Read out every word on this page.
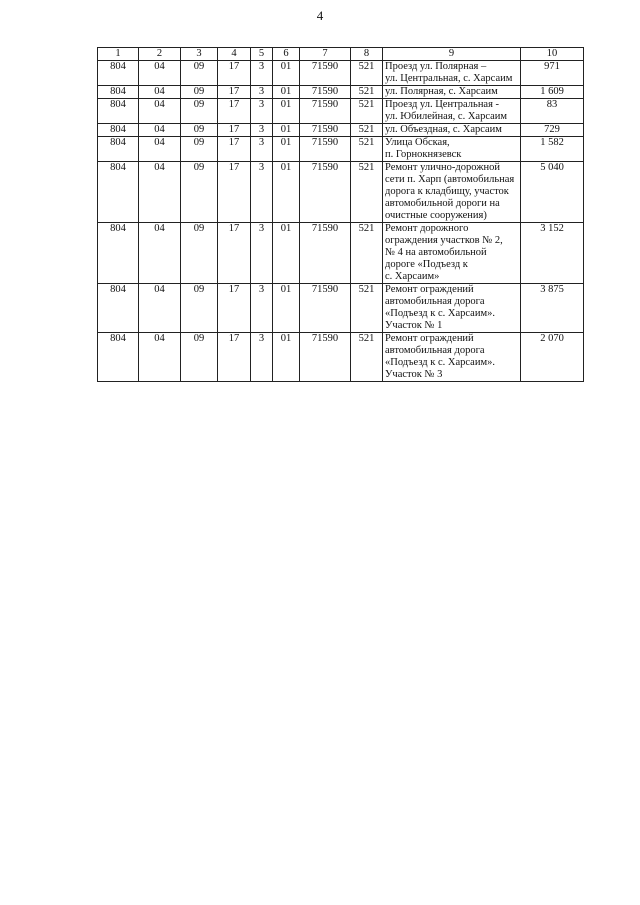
4
1	2	3	4	5	6	7	8	9	10
804	04	09	17	3	01	71590	521	Проезд ул. Полярная –
ул. Центральная, с. Харсаим	971
804	04	09	17	3	01	71590	521	ул. Полярная, с. Харсаим	1 609
804	04	09	17	3	01	71590	521	Проезд ул. Центральная -
ул. Юбилейная, с. Харсаим	83
804	04	09	17	3	01	71590	521	ул. Объездная, с. Харсаим	729
804	04	09	17	3	01	71590	521	Улица Обская,
п. Горнокнязевск	1 582
804	04	09	17	3	01	71590	521	Ремонт улично-дорожной
сети п. Харп (автомобильная
дорога к кладбищу, участок
автомобильной дороги на
очистные сооружения)	5 040
804	04	09	17	3	01	71590	521	Ремонт дорожного
ограждения участков № 2,
№ 4 на автомобильной
дороге «Подъезд к
с. Харсаим»	3 152
804	04	09	17	3	01	71590	521	Ремонт ограждений
автомобильная дорога
«Подъезд к с. Харсаим».
Участок № 1	3 875
804	04	09	17	3	01	71590	521	Ремонт ограждений
автомобильная дорога
«Подъезд к с. Харсаим».
Участок № 3	2 070
